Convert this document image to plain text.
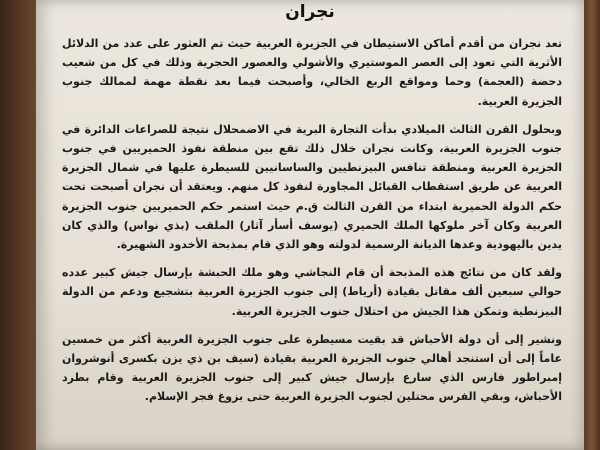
نجران

تعد نجران من أقدم أماكن الاستيطان في الجزيرة العربية حيث تم العثور على عدد من الدلائل الأثرية التي تعود إلى العصر الموستيري والأشولي والعصور الحجرية وذلك في كل من شعيب دحضة (العجمة) وحما ومواقع الربع الخالي، وأصبحت فيما بعد نقطة مهمة لممالك جنوب الجزيرة العربية.

وبحلول القرن الثالث الميلادي بدأت التجارة البرية في الاضمحلال نتيجة للصراعات الدائرة في جنوب الجزيرة العربية، وكانت نجران خلال ذلك تقع بين منطقة نفوذ الحميريين في جنوب الجزيرة العربية ومنطقة تنافس البيزنطيين والساسانيين للسيطرة عليها في شمال الجزيرة العربية عن طريق استقطاب القبائل المجاورة لنفوذ كل منهم. ويعتقد أن نجران أصبحت تحت حكم الدولة الحميرية ابتداء من القرن الثالث ق.م حيث استمر حكم الحميريين جنوب الجزيرة العربية وكان آخر ملوكها الملك الحميري (يوسف أسأر آثار) الملقب (بذي نواس) والذي كان يدين باليهودية وعدها الديانة الرسمية لدولته وهو الذي قام بمذبحة الأخدود الشهيرة.

ولقد كان من نتائج هذه المذبحة أن قام النجاشي وهو ملك الحبشة بإرسال جيش كبير عدده حوالي سبعين ألف مقاتل بقيادة (أرياط) إلى جنوب الجزيرة العربية بتشجيع ودعم من الدولة البيزنطية وتمكن هذا الجيش من احتلال جنوب الجزيرة العربية.

ونشير إلى أن دولة الأحباش قد بقيت مسيطرة على جنوب الجزيرة العربية أكثر من خمسين عاماً إلى أن استنجد أهالي جنوب الجزيرة العربية بقيادة (سيف بن ذي يزن بكسرى أنوشروان إمبراطور فارس الذي سارع بإرسال جيش كبير إلى جنوب الجزيرة العربية وقام بطرد الأحباش، وبقي الفرس محتلين لجنوب الجزيرة العربية حتى بزوغ فجر الإسلام.
